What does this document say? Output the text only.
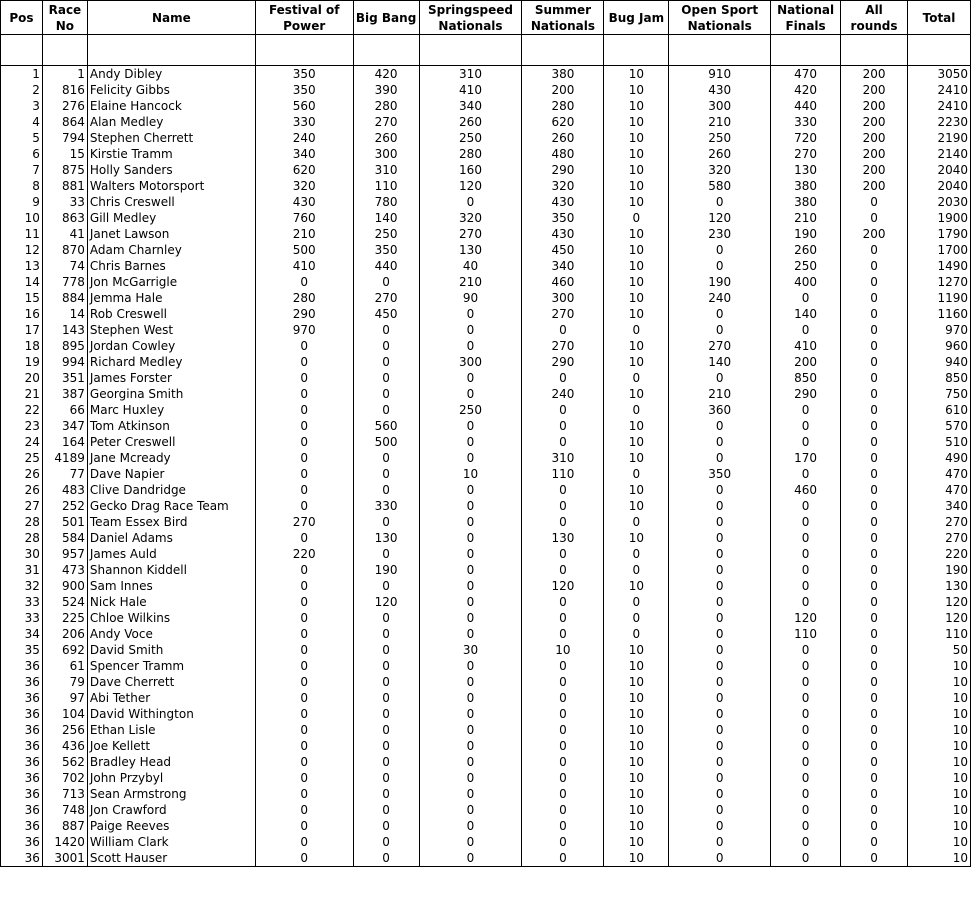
Pos	Race No	Name	Festival of Power	Big Bang	Springspeed Nationals	Summer Nationals	Bug Jam	Open Sport Nationals	National Finals	All rounds	Total

1	1	Andy Dibley	350	420	310	380	10	910	470	200	3050
2	816	Felicity Gibbs	350	390	410	200	10	430	420	200	2410
3	276	Elaine Hancock	560	280	340	280	10	300	440	200	2410
4	864	Alan Medley	330	270	260	620	10	210	330	200	2230
5	794	Stephen Cherrett	240	260	250	260	10	250	720	200	2190
6	15	Kirstie Tramm	340	300	280	480	10	260	270	200	2140
7	875	Holly Sanders	620	310	160	290	10	320	130	200	2040
8	881	Walters Motorsport	320	110	120	320	10	580	380	200	2040
9	33	Chris Creswell	430	780	0	430	10	0	380	0	2030
10	863	Gill Medley	760	140	320	350	0	120	210	0	1900
11	41	Janet Lawson	210	250	270	430	10	230	190	200	1790
12	870	Adam Charnley	500	350	130	450	10	0	260	0	1700
13	74	Chris Barnes	410	440	40	340	10	0	250	0	1490
14	778	Jon McGarrigle	0	0	210	460	10	190	400	0	1270
15	884	Jemma Hale	280	270	90	300	10	240	0	0	1190
16	14	Rob Creswell	290	450	0	270	10	0	140	0	1160
17	143	Stephen West	970	0	0	0	0	0	0	0	970
18	895	Jordan Cowley	0	0	0	270	10	270	410	0	960
19	994	Richard Medley	0	0	300	290	10	140	200	0	940
20	351	James Forster	0	0	0	0	0	0	850	0	850
21	387	Georgina Smith	0	0	0	240	10	210	290	0	750
22	66	Marc Huxley	0	0	250	0	0	360	0	0	610
23	347	Tom Atkinson	0	560	0	0	10	0	0	0	570
24	164	Peter Creswell	0	500	0	0	10	0	0	0	510
25	4189	Jane Mcready	0	0	0	310	10	0	170	0	490
26	77	Dave Napier	0	0	10	110	0	350	0	0	470
26	483	Clive Dandridge	0	0	0	0	10	0	460	0	470
27	252	Gecko Drag Race Team	0	330	0	0	10	0	0	0	340
28	501	Team Essex Bird	270	0	0	0	0	0	0	0	270
28	584	Daniel Adams	0	130	0	130	10	0	0	0	270
30	957	James Auld	220	0	0	0	0	0	0	0	220
31	473	Shannon Kiddell	0	190	0	0	0	0	0	0	190
32	900	Sam Innes	0	0	0	120	10	0	0	0	130
33	524	Nick Hale	0	120	0	0	0	0	0	0	120
33	225	Chloe Wilkins	0	0	0	0	0	0	120	0	120
34	206	Andy Voce	0	0	0	0	0	0	110	0	110
35	692	David Smith	0	0	30	10	10	0	0	0	50
36	61	Spencer Tramm	0	0	0	0	10	0	0	0	10
36	79	Dave Cherrett	0	0	0	0	10	0	0	0	10
36	97	Abi Tether	0	0	0	0	10	0	0	0	10
36	104	David Withington	0	0	0	0	10	0	0	0	10
36	256	Ethan Lisle	0	0	0	0	10	0	0	0	10
36	436	Joe Kellett	0	0	0	0	10	0	0	0	10
36	562	Bradley Head	0	0	0	0	10	0	0	0	10
36	702	John Przybyl	0	0	0	0	10	0	0	0	10
36	713	Sean Armstrong	0	0	0	0	10	0	0	0	10
36	748	Jon Crawford	0	0	0	0	10	0	0	0	10
36	887	Paige Reeves	0	0	0	0	10	0	0	0	10
36	1420	William Clark	0	0	0	0	10	0	0	0	10
36	3001	Scott Hauser	0	0	0	0	10	0	0	0	10
